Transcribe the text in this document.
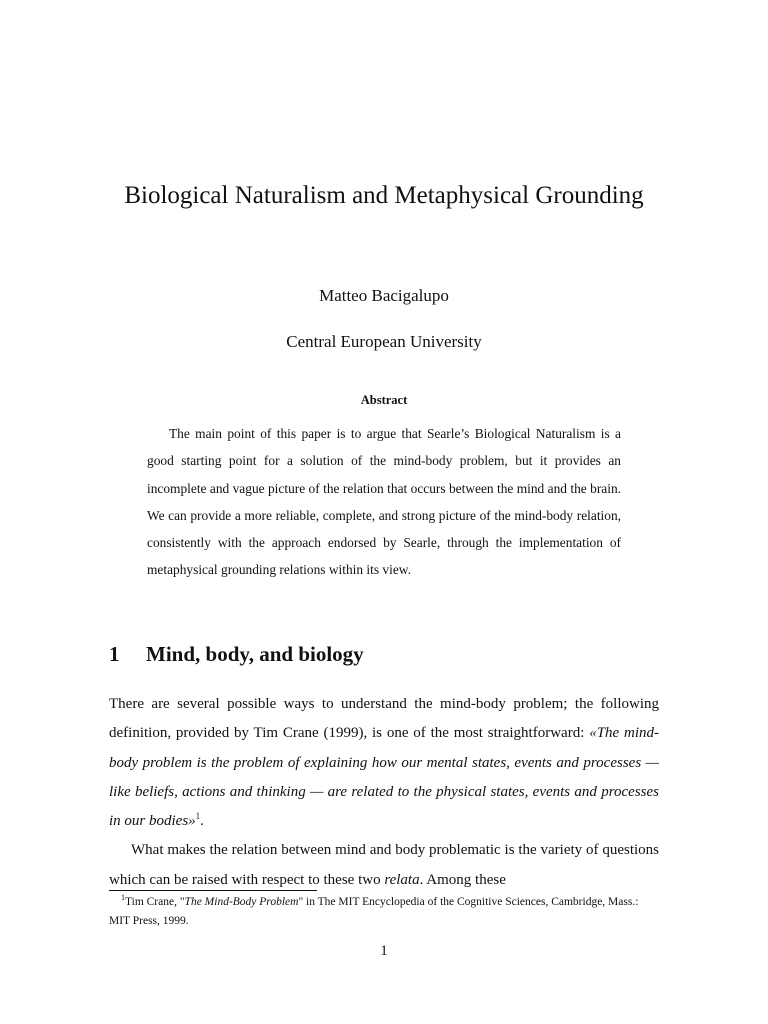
Biological Naturalism and Metaphysical Grounding

Matteo Bacigalupo

Central European University

Abstract

The main point of this paper is to argue that Searle’s Biological Naturalism is a good starting point for a solution of the mind-body problem, but it provides an incomplete and vague picture of the relation that occurs between the mind and the brain. We can provide a more reliable, complete, and strong picture of the mind-body relation, consistently with the approach endorsed by Searle, through the implementation of metaphysical grounding relations within its view.

1 Mind, body, and biology

There are several possible ways to understand the mind-body problem; the following definition, provided by Tim Crane (1999), is one of the most straightforward: «The mind-body problem is the problem of explaining how our mental states, events and processes — like beliefs, actions and thinking — are related to the physical states, events and processes in our bodies»$^1$.

What makes the relation between mind and body problematic is the variety of questions which can be raised with respect to these two relata. Among these

$^1$Tim Crane, "The Mind-Body Problem" in The MIT Encyclopedia of the Cognitive Sciences, Cambridge, Mass.: MIT Press, 1999.

1
